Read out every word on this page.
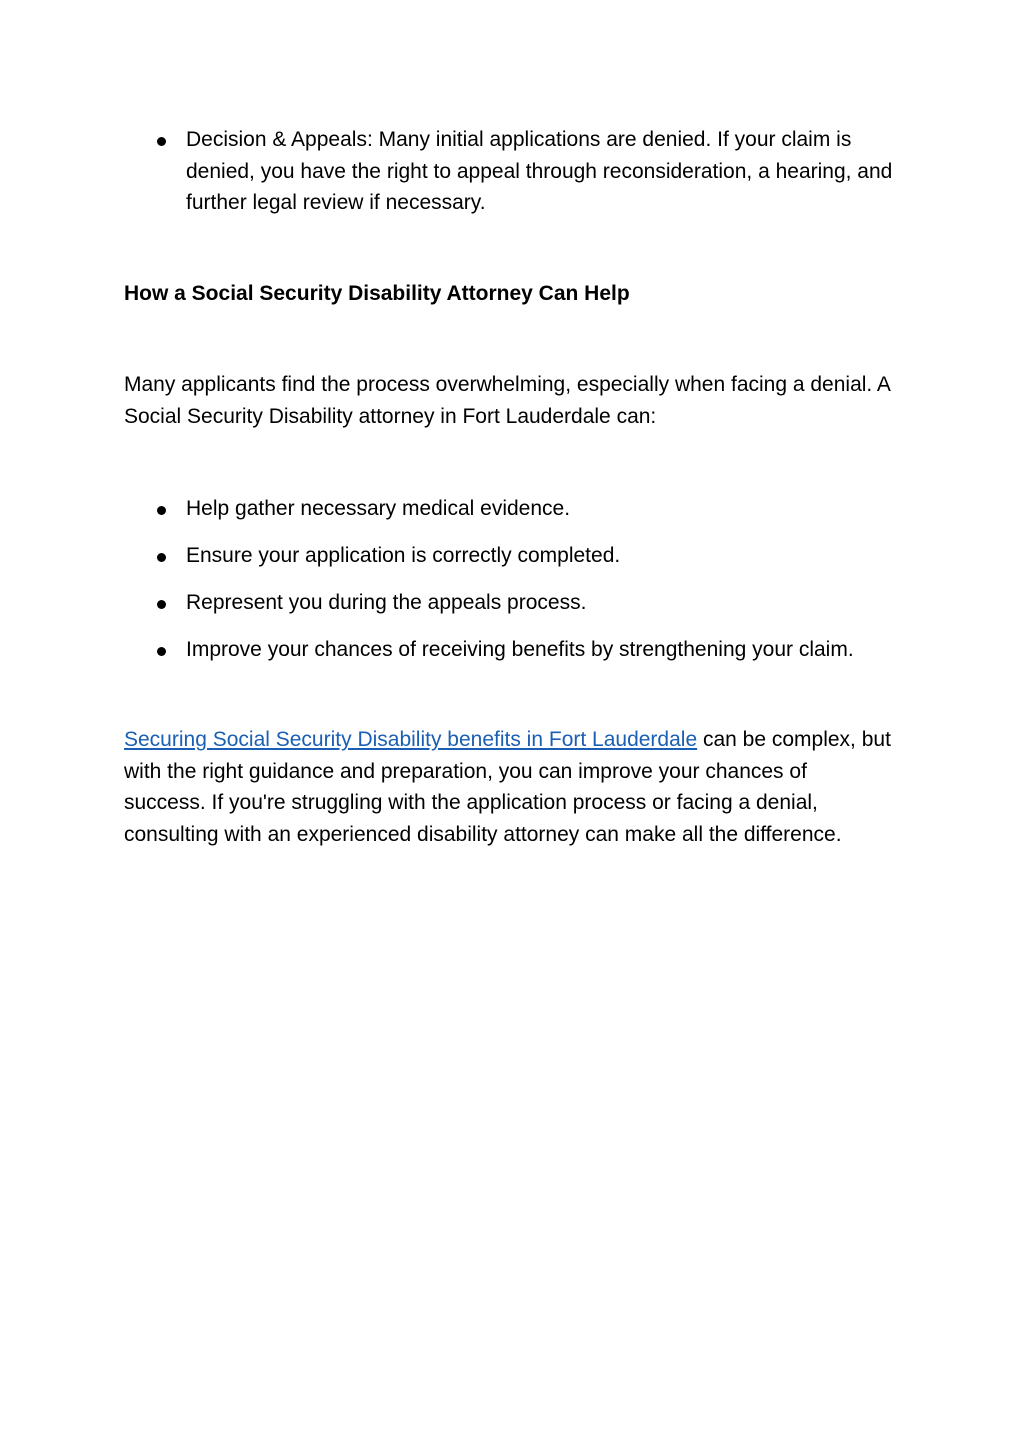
Decision & Appeals: Many initial applications are denied. If your claim is denied, you have the right to appeal through reconsideration, a hearing, and further legal review if necessary.

How a Social Security Disability Attorney Can Help

Many applicants find the process overwhelming, especially when facing a denial. A Social Security Disability attorney in Fort Lauderdale can:

Help gather necessary medical evidence.
Ensure your application is correctly completed.
Represent you during the appeals process.
Improve your chances of receiving benefits by strengthening your claim.

Securing Social Security Disability benefits in Fort Lauderdale can be complex, but with the right guidance and preparation, you can improve your chances of success. If you're struggling with the application process or facing a denial, consulting with an experienced disability attorney can make all the difference.
